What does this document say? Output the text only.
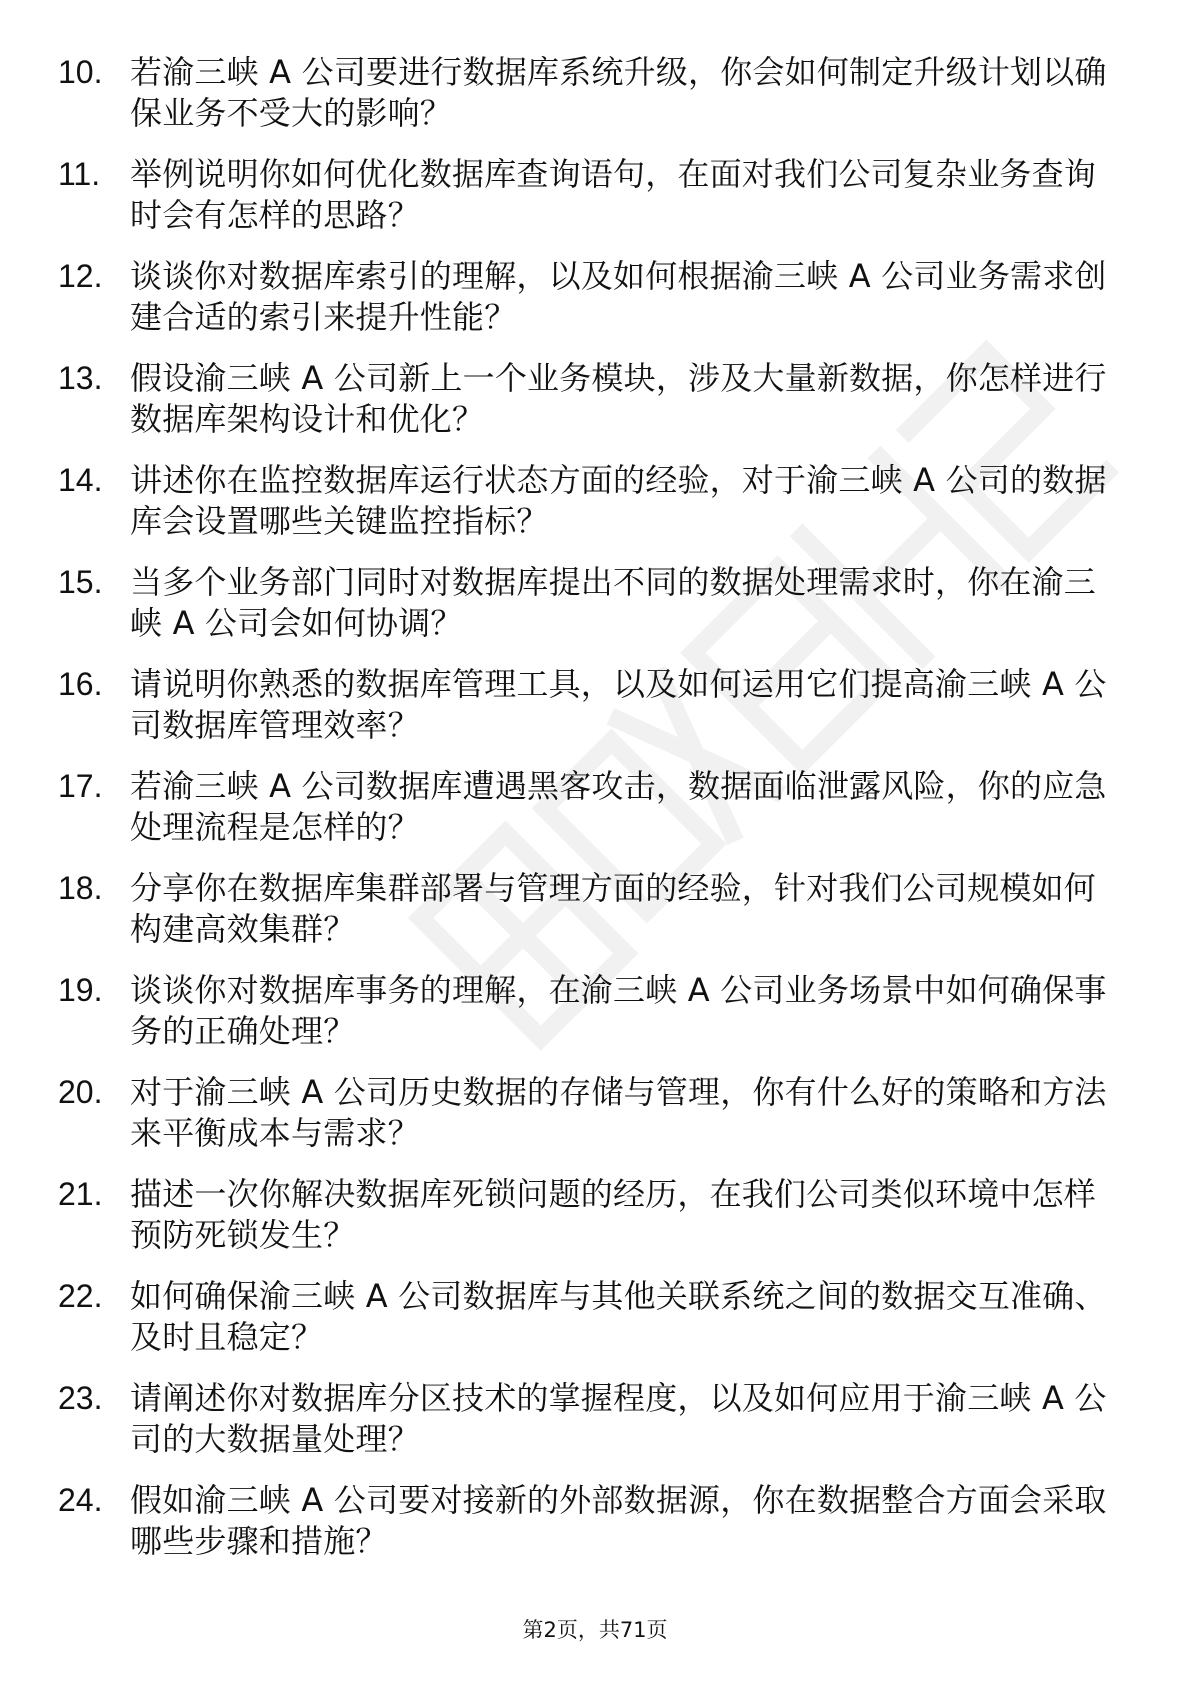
10. 若渝三峡 A 公司要进行数据库系统升级，你会如何制定升级计划以确保业务不受大的影响？
11. 举例说明你如何优化数据库查询语句，在面对我们公司复杂业务查询时会有怎样的思路？
12. 谈谈你对数据库索引的理解，以及如何根据渝三峡 A 公司业务需求创建合适的索引来提升性能？
13. 假设渝三峡 A 公司新上一个业务模块，涉及大量新数据，你怎样进行数据库架构设计和优化？
14. 讲述你在监控数据库运行状态方面的经验，对于渝三峡 A 公司的数据库会设置哪些关键监控指标？
15. 当多个业务部门同时对数据库提出不同的数据处理需求时，你在渝三峡 A 公司会如何协调？
16. 请说明你熟悉的数据库管理工具，以及如何运用它们提高渝三峡 A 公司数据库管理效率？
17. 若渝三峡 A 公司数据库遭遇黑客攻击，数据面临泄露风险，你的应急处理流程是怎样的？
18. 分享你在数据库集群部署与管理方面的经验，针对我们公司规模如何构建高效集群？
19. 谈谈你对数据库事务的理解，在渝三峡 A 公司业务场景中如何确保事务的正确处理？
20. 对于渝三峡 A 公司历史数据的存储与管理，你有什么好的策略和方法来平衡成本与需求？
21. 描述一次你解决数据库死锁问题的经历，在我们公司类似环境中怎样预防死锁发生？
22. 如何确保渝三峡 A 公司数据库与其他关联系统之间的数据交互准确、及时且稳定？
23. 请阐述你对数据库分区技术的掌握程度，以及如何应用于渝三峡 A 公司的大数据量处理？
24. 假如渝三峡 A 公司要对接新的外部数据源，你在数据整合方面会采取哪些步骤和措施？
第2页，共71页
